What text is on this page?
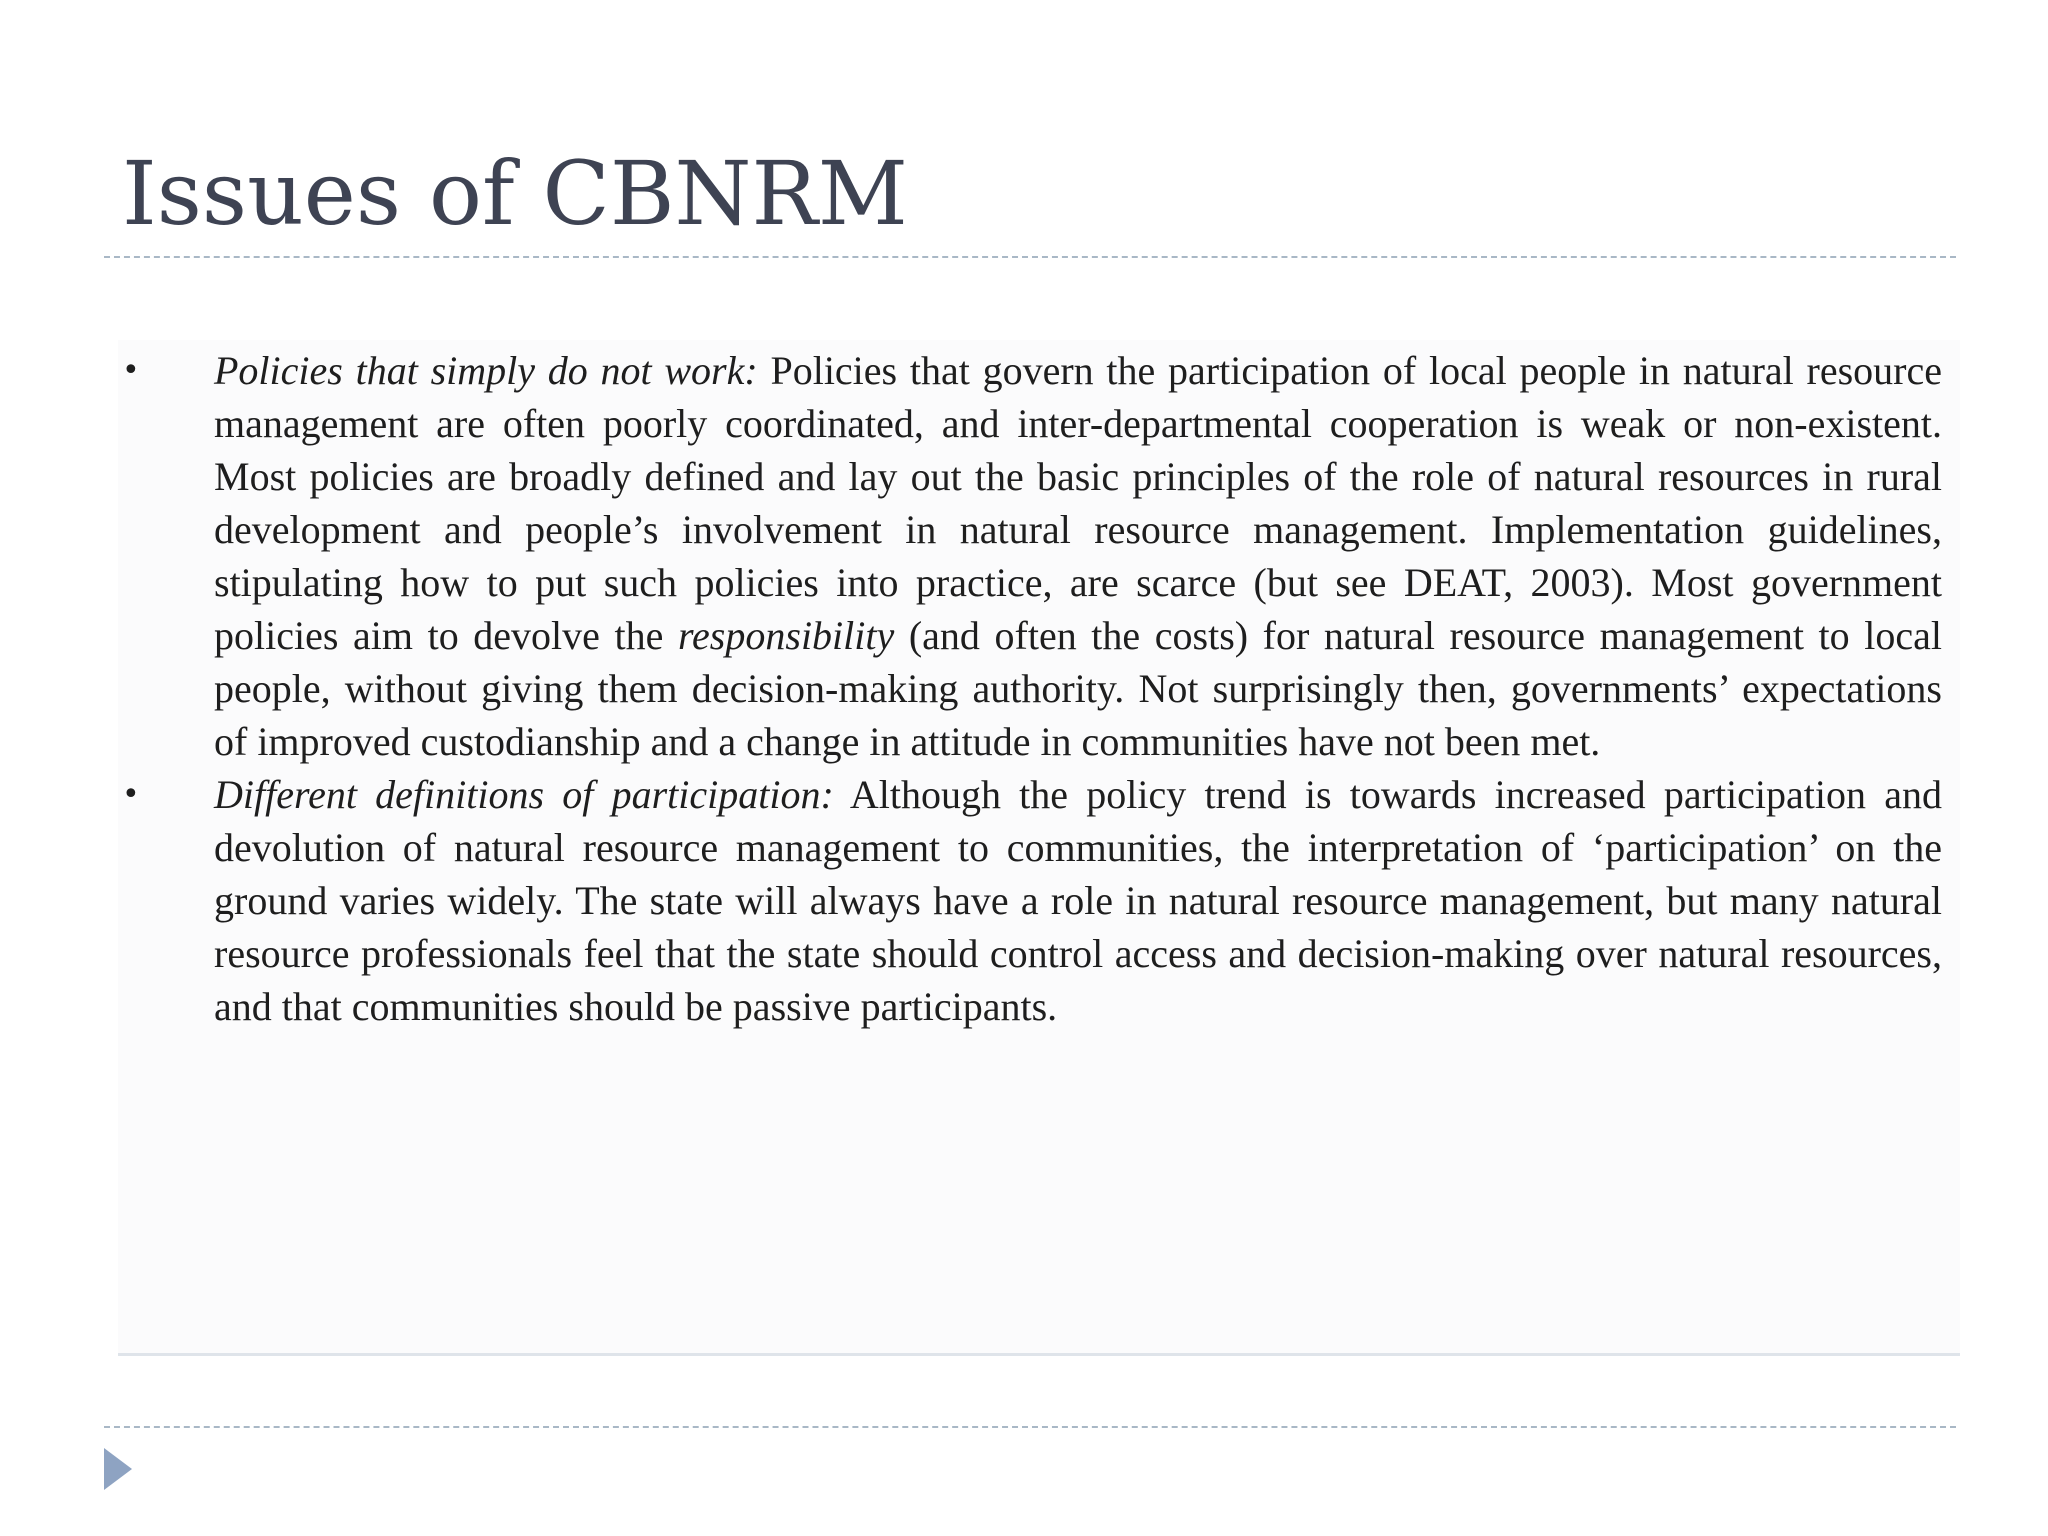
Issues of CBNRM
• Policies that simply do not work: Policies that govern the participation of local people in natural resource management are often poorly coordinated, and inter-departmental cooperation is weak or non-existent. Most policies are broadly defined and lay out the basic principles of the role of natural resources in rural development and people’s involvement in natural resource management. Implementation guidelines, stipulating how to put such policies into practice, are scarce (but see DEAT, 2003). Most government policies aim to devolve the responsibility (and often the costs) for natural resource management to local people, without giving them decision-making authority. Not surprisingly then, governments’ expectations of improved custodianship and a change in attitude in communities have not been met.
• Different definitions of participation: Although the policy trend is towards increased participation and devolution of natural resource management to communities, the interpretation of ‘participation’ on the ground varies widely. The state will always have a role in natural resource management, but many natural resource professionals feel that the state should control access and decision-making over natural resources, and that communities should be passive participants.
